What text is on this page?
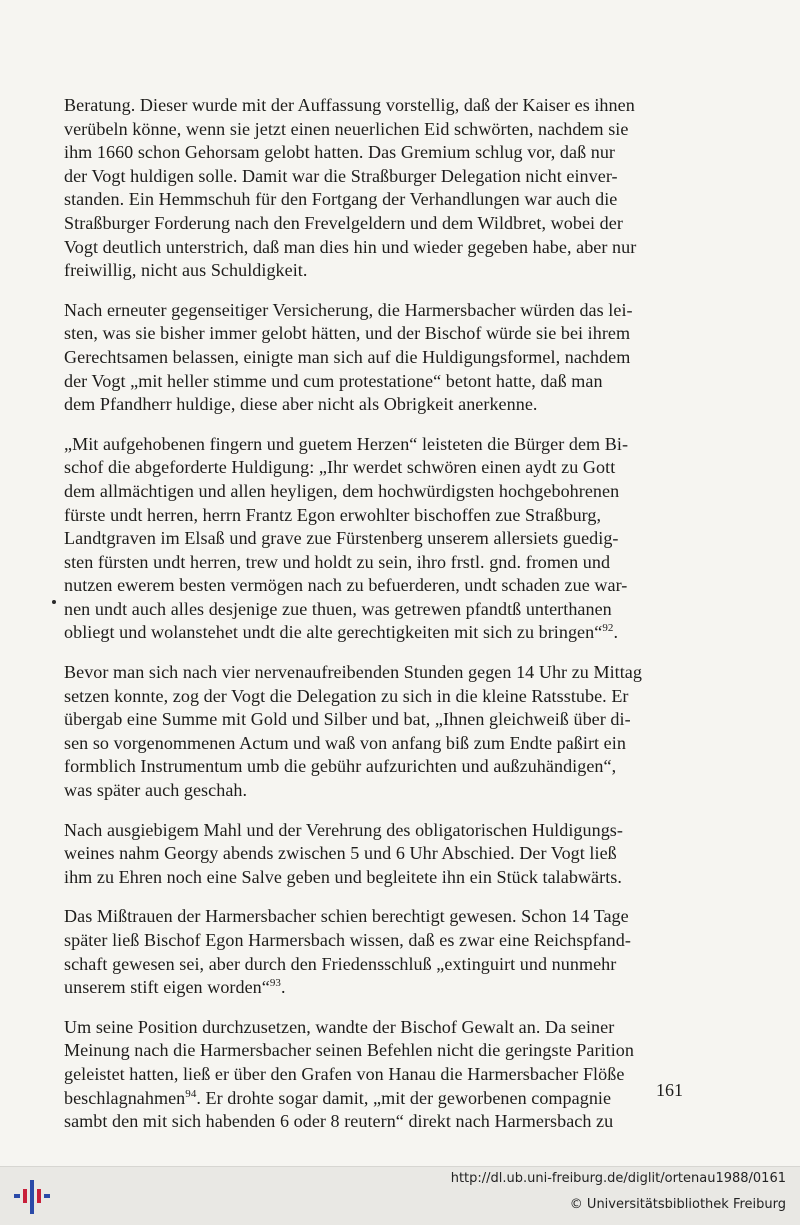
Beratung. Dieser wurde mit der Auffassung vorstellig, daß der Kaiser es ihnen
verübeln könne, wenn sie jetzt einen neuerlichen Eid schwörten, nachdem sie
ihm 1660 schon Gehorsam gelobt hatten. Das Gremium schlug vor, daß nur
der Vogt huldigen solle. Damit war die Straßburger Delegation nicht einver-
standen. Ein Hemmschuh für den Fortgang der Verhandlungen war auch die
Straßburger Forderung nach den Frevelgeldern und dem Wildbret, wobei der
Vogt deutlich unterstrich, daß man dies hin und wieder gegeben habe, aber nur
freiwillig, nicht aus Schuldigkeit.

Nach erneuter gegenseitiger Versicherung, die Harmersbacher würden das lei-
sten, was sie bisher immer gelobt hätten, und der Bischof würde sie bei ihrem
Gerechtsamen belassen, einigte man sich auf die Huldigungsformel, nachdem
der Vogt „mit heller stimme und cum protestatione“ betont hatte, daß man
dem Pfandherr huldige, diese aber nicht als Obrigkeit anerkenne.

„Mit aufgehobenen fingern und guetem Herzen“ leisteten die Bürger dem Bi-
schof die abgeforderte Huldigung: „Ihr werdet schwören einen aydt zu Gott
dem allmächtigen und allen heyligen, dem hochwürdigsten hochgebohrenen
fürste undt herren, herrn Frantz Egon erwohlter bischoffen zue Straßburg,
Landtgraven im Elsaß und grave zue Fürstenberg unserem allersiets guedig-
sten fürsten undt herren, trew und holdt zu sein, ihro frstl. gnd. fromen und
nutzen ewerem besten vermögen nach zu befuerderen, undt schaden zue war-
nen undt auch alles desjenige zue thuen, was getrewen pfandtß unterthanen
obliegt und wolanstehet undt die alte gerechtigkeiten mit sich zu bringen“$^{92}$.

Bevor man sich nach vier nervenaufreibenden Stunden gegen 14 Uhr zu Mittag
setzen konnte, zog der Vogt die Delegation zu sich in die kleine Ratsstube. Er
übergab eine Summe mit Gold und Silber und bat, „Ihnen gleichweiß über di-
sen so vorgenommenen Actum und waß von anfang biß zum Endte paßirt ein
formblich Instrumentum umb die gebühr aufzurichten und außzuhändigen“,
was später auch geschah.

Nach ausgiebigem Mahl und der Verehrung des obligatorischen Huldigungs-
weines nahm Georgy abends zwischen 5 und 6 Uhr Abschied. Der Vogt ließ
ihm zu Ehren noch eine Salve geben und begleitete ihn ein Stück talabwärts.

Das Mißtrauen der Harmersbacher schien berechtigt gewesen. Schon 14 Tage
später ließ Bischof Egon Harmersbach wissen, daß es zwar eine Reichspfand-
schaft gewesen sei, aber durch den Friedensschluß „extinguirt und nunmehr
unserem stift eigen worden“$^{93}$.

Um seine Position durchzusetzen, wandte der Bischof Gewalt an. Da seiner
Meinung nach die Harmersbacher seinen Befehlen nicht die geringste Parition
geleistet hatten, ließ er über den Grafen von Hanau die Harmersbacher Flöße
beschlagnahmen$^{94}$. Er drohte sogar damit, „mit der geworbenen compagnie
sambt den mit sich habenden 6 oder 8 reutern“ direkt nach Harmersbach zu

161
http://dl.ub.uni-freiburg.de/diglit/ortenau1988/0161
© Universitätsbibliothek Freiburg
